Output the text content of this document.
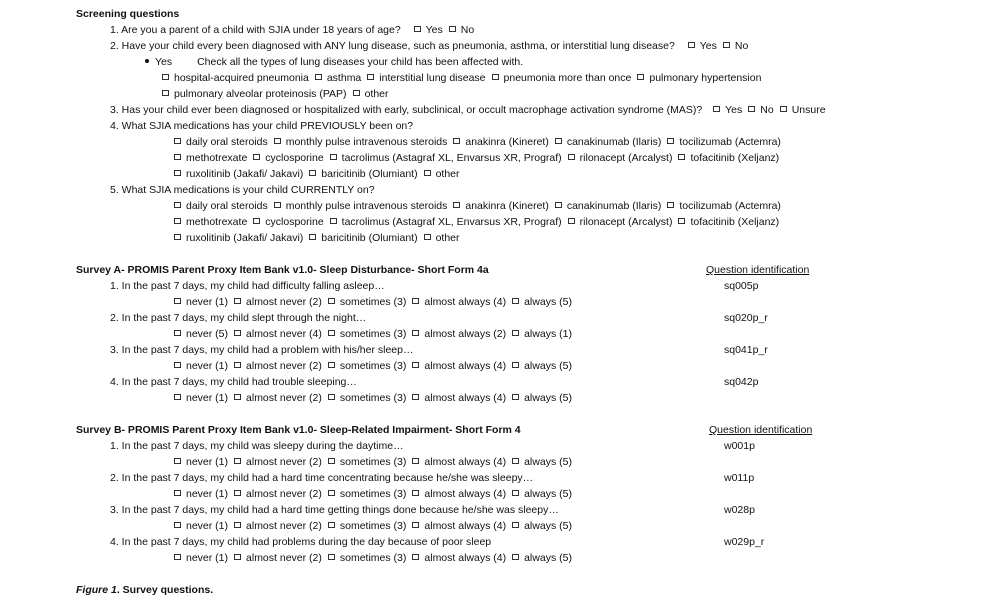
Screening questions
1. Are you a parent of a child with SJIA under 18 years of age? Yes No
2. Have your child every been diagnosed with ANY lung disease, such as pneumonia, asthma, or interstitial lung disease? Yes No
Yes Check all the types of lung diseases your child has been affected with.
hospital-acquired pneumonia asthma interstitial lung disease pneumonia more than once pulmonary hypertension
pulmonary alveolar proteinosis (PAP) other
3. Has your child ever been diagnosed or hospitalized with early, subclinical, or occult macrophage activation syndrome (MAS)? Yes No Unsure
4. What SJIA medications has your child PREVIOUSLY been on?
daily oral steroids monthly pulse intravenous steroids anakinra (Kineret) canakinumab (Ilaris) tocilizumab (Actemra)
methotrexate cyclosporine tacrolimus (Astagraf XL, Envarsus XR, Prograf) rilonacept (Arcalyst) tofacitinib (Xeljanz)
ruxolitinib (Jakafi/ Jakavi) baricitinib (Olumiant) other
5. What SJIA medications is your child CURRENTLY on?
daily oral steroids monthly pulse intravenous steroids anakinra (Kineret) canakinumab (Ilaris) tocilizumab (Actemra)
methotrexate cyclosporine tacrolimus (Astagraf XL, Envarsus XR, Prograf) rilonacept (Arcalyst) tofacitinib (Xeljanz)
ruxolitinib (Jakafi/ Jakavi) baricitinib (Olumiant) other
Survey A- PROMIS Parent Proxy Item Bank v1.0- Sleep Disturbance- Short Form 4a	Question identification
1. In the past 7 days, my child had difficulty falling asleep…	sq005p
never (1) almost never (2) sometimes (3) almost always (4) always (5)
2. In the past 7 days, my child slept through the night…	sq020p_r
never (5) almost never (4) sometimes (3) almost always (2) always (1)
3. In the past 7 days, my child had a problem with his/her sleep…	sq041p_r
never (1) almost never (2) sometimes (3) almost always (4) always (5)
4. In the past 7 days, my child had trouble sleeping…	sq042p
never (1) almost never (2) sometimes (3) almost always (4) always (5)
Survey B- PROMIS Parent Proxy Item Bank v1.0- Sleep-Related Impairment- Short Form 4	Question identification
1. In the past 7 days, my child was sleepy during the daytime…	w001p
never (1) almost never (2) sometimes (3) almost always (4) always (5)
2. In the past 7 days, my child had a hard time concentrating because he/she was sleepy…	w011p
never (1) almost never (2) sometimes (3) almost always (4) always (5)
3. In the past 7 days, my child had a hard time getting things done because he/she was sleepy…	w028p
never (1) almost never (2) sometimes (3) almost always (4) always (5)
4. In the past 7 days, my child had problems during the day because of poor sleep	w029p_r
never (1) almost never (2) sometimes (3) almost always (4) always (5)
Figure 1. Survey questions.
